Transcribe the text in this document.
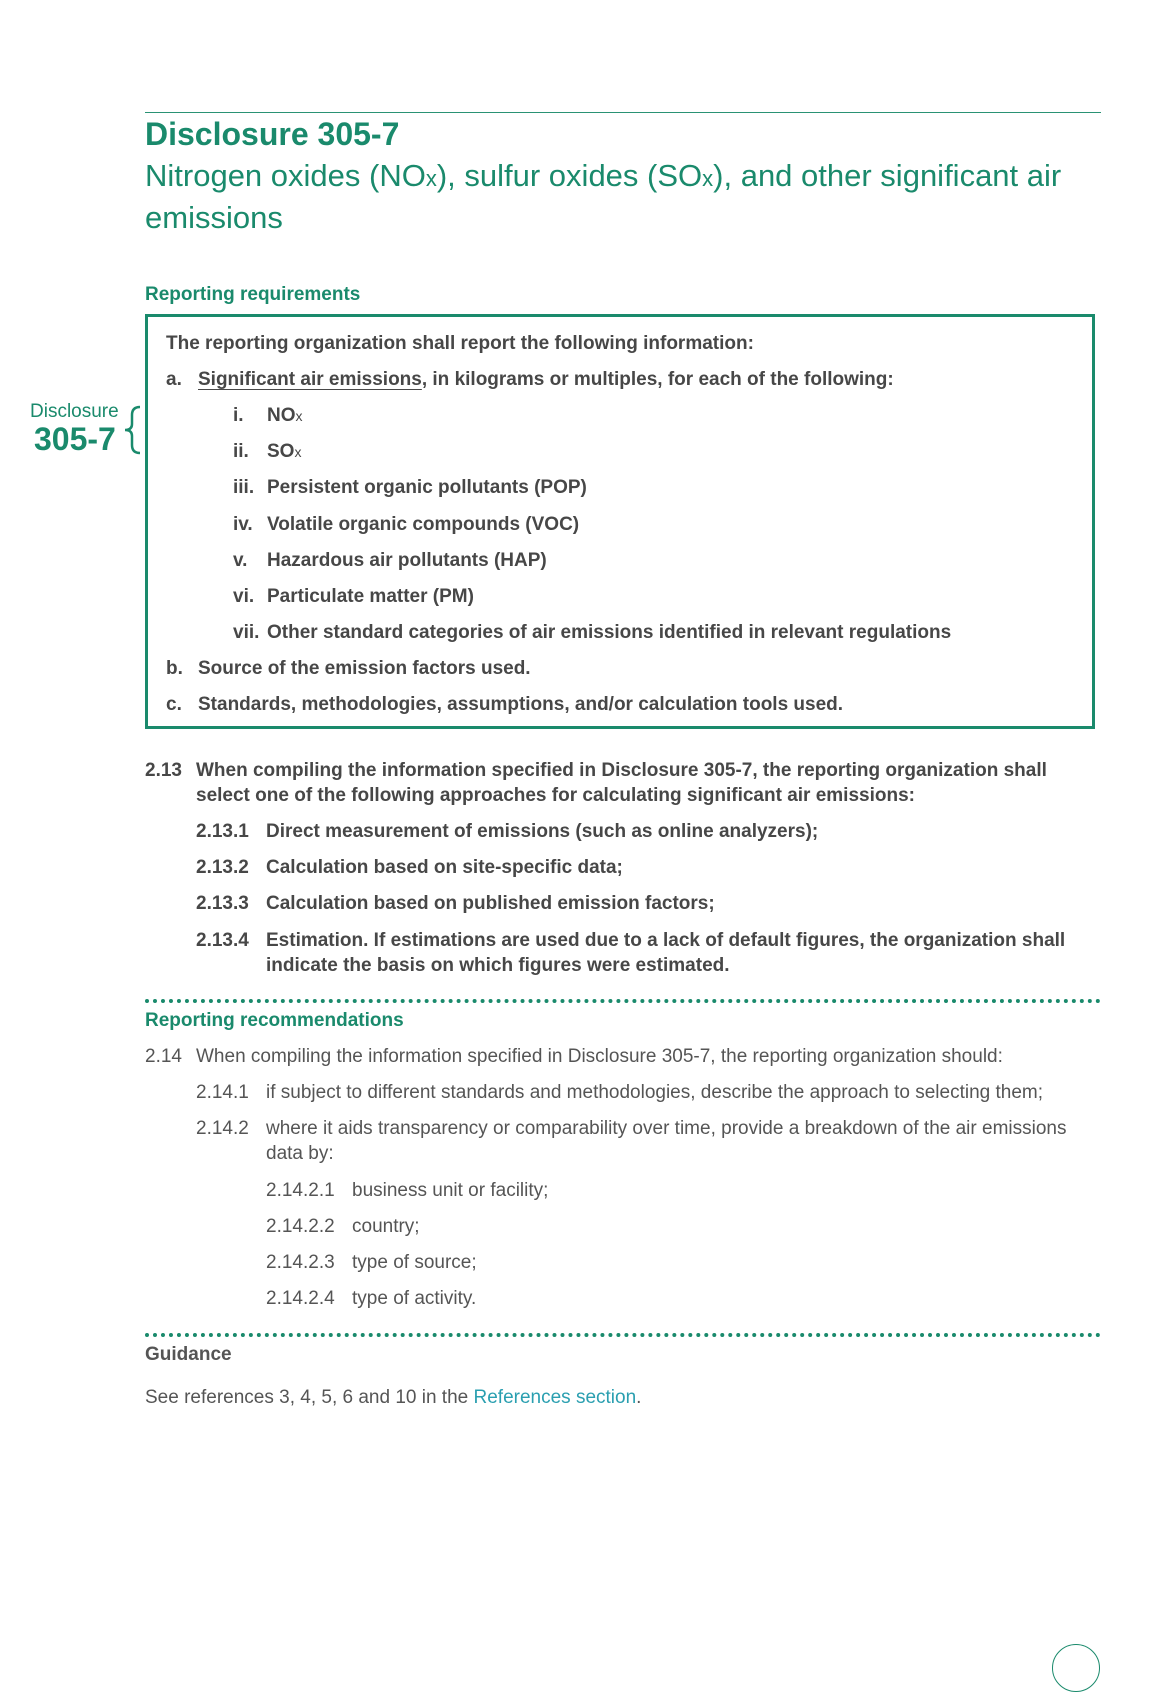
Disclosure 305-7
Nitrogen oxides (NOx), sulfur oxides (SOx), and other significant air emissions
Disclosure
305-7
Reporting requirements
The reporting organization shall report the following information:
a. Significant air emissions, in kilograms or multiples, for each of the following:
i. NOx
ii. SOx
iii. Persistent organic pollutants (POP)
iv. Volatile organic compounds (VOC)
v. Hazardous air pollutants (HAP)
vi. Particulate matter (PM)
vii. Other standard categories of air emissions identified in relevant regulations
b. Source of the emission factors used.
c. Standards, methodologies, assumptions, and/or calculation tools used.
2.13 When compiling the information specified in Disclosure 305-7, the reporting organization shall
select one of the following approaches for calculating significant air emissions:
2.13.1 Direct measurement of emissions (such as online analyzers);
2.13.2 Calculation based on site-specific data;
2.13.3 Calculation based on published emission factors;
2.13.4 Estimation. If estimations are used due to a lack of default figures, the organization shall
indicate the basis on which figures were estimated.
Reporting recommendations
2.14 When compiling the information specified in Disclosure 305-7, the reporting organization should:
2.14.1 if subject to different standards and methodologies, describe the approach to selecting them;
2.14.2 where it aids transparency or comparability over time, provide a breakdown of the air emissions
data by:
2.14.2.1 business unit or facility;
2.14.2.2 country;
2.14.2.3 type of source;
2.14.2.4 type of activity.
Guidance
See references 3, 4, 5, 6 and 10 in the References section.
